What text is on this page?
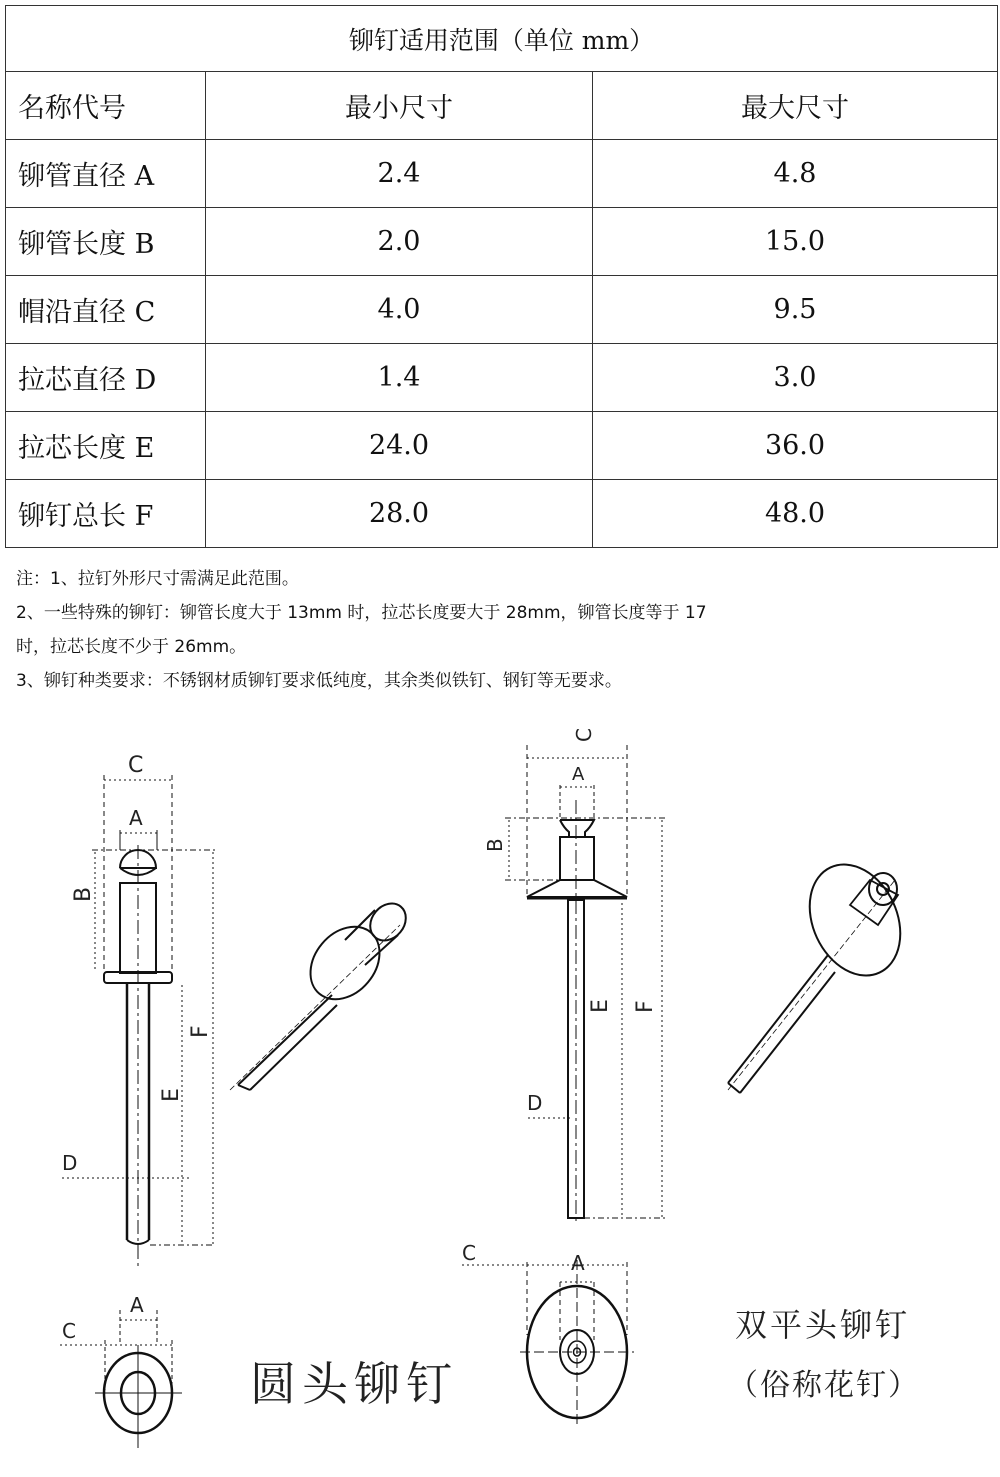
铆钉适用范围（单位 mm）		
名称代号	最小尺寸	最大尺寸
铆管直径 A	2.4	4.8
铆管长度 B	2.0	15.0
帽沿直径 C	4.0	9.5
拉芯直径 D	1.4	3.0
拉芯长度 E	24.0	36.0
铆钉总长 F	28.0	48.0

注：1、拉钉外形尺寸需满足此范围。

2、一些特殊的铆钉：铆管长度大于 13mm 时，拉芯长度要大于 28mm，铆管长度等于 17

时，拉芯长度不少于 26mm。

3、铆钉种类要求：不锈钢材质铆钉要求低纯度，其余类似铁钉、钢钉等无要求。

C
A
B
F
E
D
A
C
C
A
B
E F
D
C	A
圆头铆钉
双平头铆钉
（俗称花钉）
